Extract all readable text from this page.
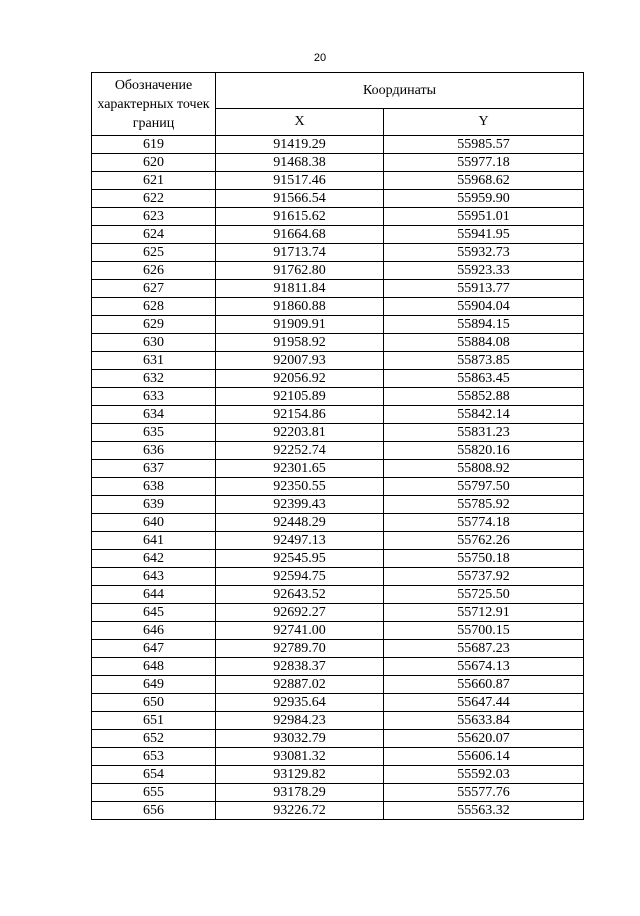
20
Обозначение характерных точек границ	Координаты	
	X	Y
619	91419.29	55985.57
620	91468.38	55977.18
621	91517.46	55968.62
622	91566.54	55959.90
623	91615.62	55951.01
624	91664.68	55941.95
625	91713.74	55932.73
626	91762.80	55923.33
627	91811.84	55913.77
628	91860.88	55904.04
629	91909.91	55894.15
630	91958.92	55884.08
631	92007.93	55873.85
632	92056.92	55863.45
633	92105.89	55852.88
634	92154.86	55842.14
635	92203.81	55831.23
636	92252.74	55820.16
637	92301.65	55808.92
638	92350.55	55797.50
639	92399.43	55785.92
640	92448.29	55774.18
641	92497.13	55762.26
642	92545.95	55750.18
643	92594.75	55737.92
644	92643.52	55725.50
645	92692.27	55712.91
646	92741.00	55700.15
647	92789.70	55687.23
648	92838.37	55674.13
649	92887.02	55660.87
650	92935.64	55647.44
651	92984.23	55633.84
652	93032.79	55620.07
653	93081.32	55606.14
654	93129.82	55592.03
655	93178.29	55577.76
656	93226.72	55563.32
